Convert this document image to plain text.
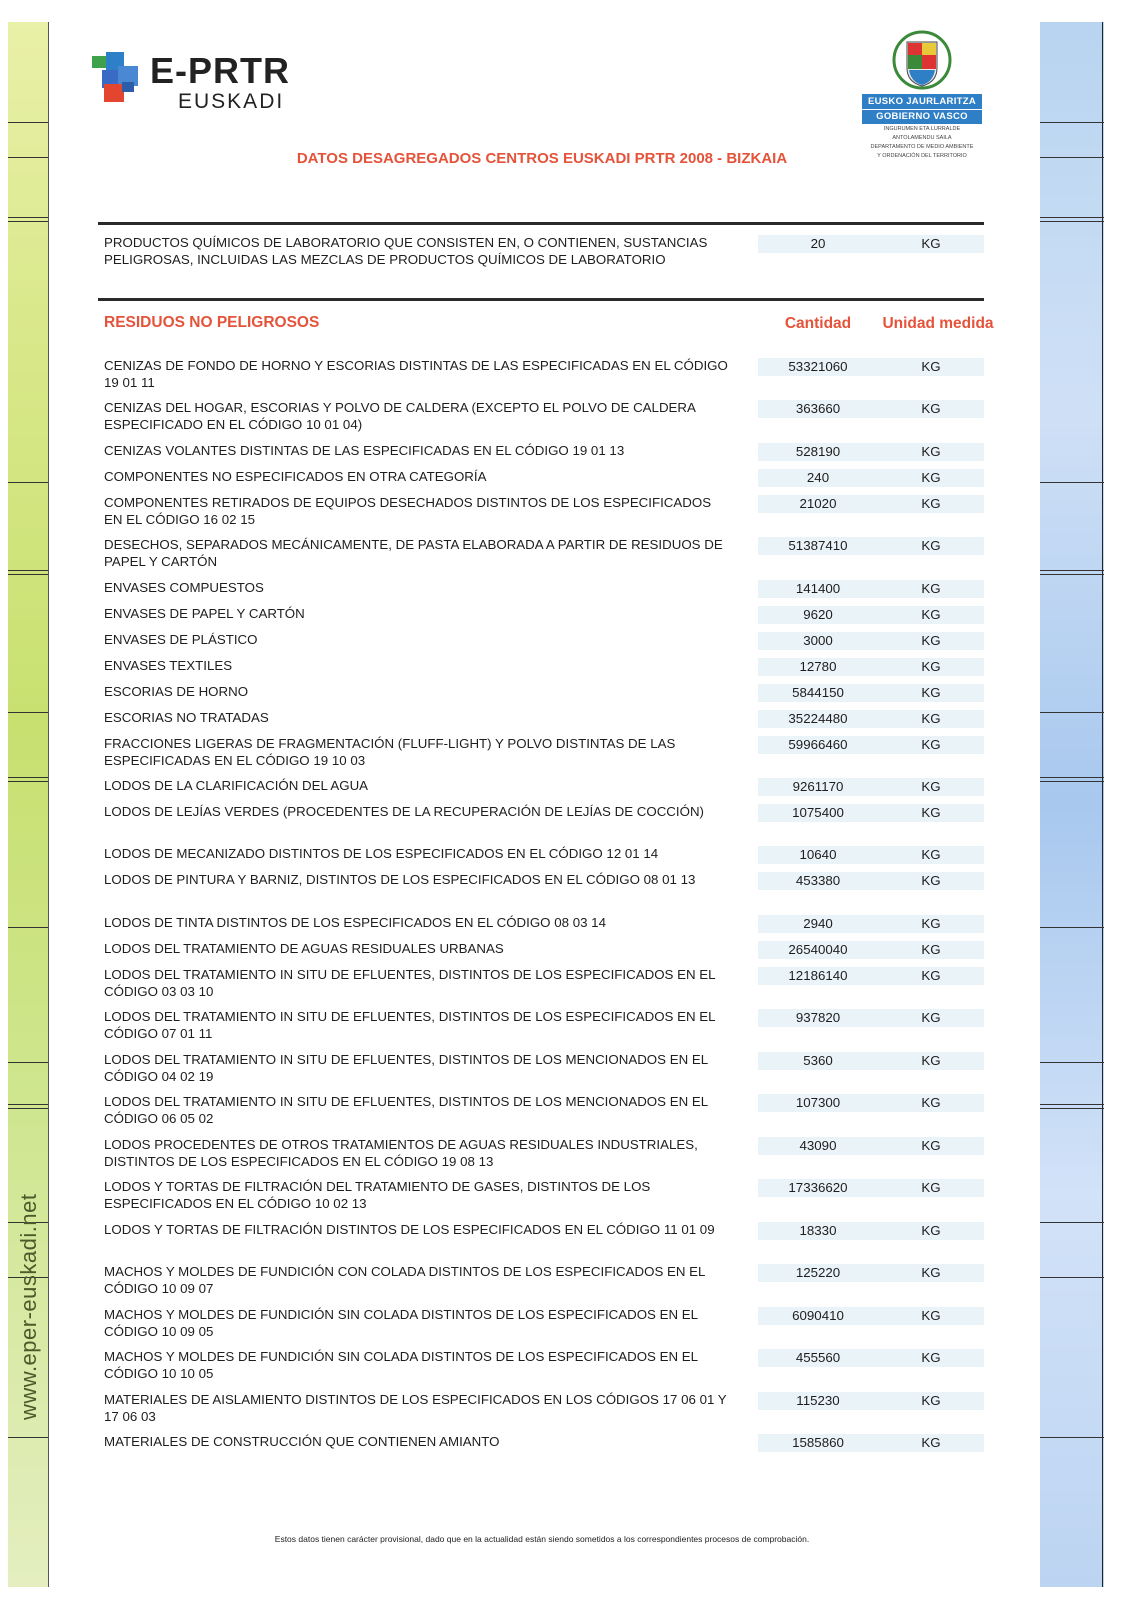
www.eper-euskadi.net
E-PRTR
EUSKADI	EUSKO JAURLARITZA
GOBIERNO VASCO
INGURUMEN ETA LURRALDE
ANTOLAMENDU SAILA
DEPARTAMENTO DE MEDIO AMBIENTE
Y ORDENACIÓN DEL TERRITORIO
DATOS DESAGREGADOS CENTROS EUSKADI PRTR 2008 - BIZKAIA
PRODUCTOS QUÍMICOS DE LABORATORIO QUE CONSISTEN EN, O CONTIENEN, SUSTANCIAS PELIGROSAS, INCLUIDAS LAS MEZCLAS DE PRODUCTOS QUÍMICOS DE LABORATORIO
20	KG
RESIDUOS NO PELIGROSOS	Cantidad	Unidad medida
CENIZAS DE FONDO DE HORNO Y ESCORIAS DISTINTAS DE LAS ESPECIFICADAS EN EL CÓDIGO 19 01 11
53321060	KG
CENIZAS DEL HOGAR, ESCORIAS Y POLVO DE CALDERA (EXCEPTO EL POLVO DE CALDERA ESPECIFICADO EN EL CÓDIGO 10 01 04)
363660	KG
CENIZAS VOLANTES DISTINTAS DE LAS ESPECIFICADAS EN EL CÓDIGO 19 01 13	528190	KG
COMPONENTES NO ESPECIFICADOS EN OTRA CATEGORÍA	240	KG
COMPONENTES RETIRADOS DE EQUIPOS DESECHADOS DISTINTOS DE LOS ESPECIFICADOS EN EL CÓDIGO 16 02 15
21020	KG
DESECHOS, SEPARADOS MECÁNICAMENTE, DE PASTA ELABORADA A PARTIR DE RESIDUOS DE PAPEL Y CARTÓN
51387410	KG
ENVASES COMPUESTOS	141400	KG
ENVASES DE PAPEL Y CARTÓN	9620	KG
ENVASES DE PLÁSTICO	3000	KG
ENVASES TEXTILES	12780	KG
ESCORIAS DE HORNO	5844150	KG
ESCORIAS NO TRATADAS	35224480	KG
FRACCIONES LIGERAS DE FRAGMENTACIÓN (FLUFF-LIGHT) Y POLVO DISTINTAS DE LAS ESPECIFICADAS EN EL CÓDIGO 19 10 03
59966460	KG
LODOS DE LA CLARIFICACIÓN DEL AGUA	9261170	KG
LODOS DE LEJÍAS VERDES (PROCEDENTES DE LA RECUPERACIÓN DE LEJÍAS DE COCCIÓN)	1075400	KG
LODOS DE MECANIZADO DISTINTOS DE LOS ESPECIFICADOS EN EL CÓDIGO 12 01 14	10640	KG
LODOS DE PINTURA Y BARNIZ, DISTINTOS DE LOS ESPECIFICADOS EN EL CÓDIGO 08 01 13	453380	KG
LODOS DE TINTA DISTINTOS DE LOS ESPECIFICADOS EN EL CÓDIGO 08 03 14	2940	KG
LODOS DEL TRATAMIENTO DE AGUAS RESIDUALES URBANAS	26540040	KG
LODOS DEL TRATAMIENTO IN SITU DE EFLUENTES, DISTINTOS DE LOS ESPECIFICADOS EN EL CÓDIGO 03 03 10
12186140	KG
LODOS DEL TRATAMIENTO IN SITU DE EFLUENTES, DISTINTOS DE LOS ESPECIFICADOS EN EL CÓDIGO 07 01 11
937820	KG
LODOS DEL TRATAMIENTO IN SITU DE EFLUENTES, DISTINTOS DE LOS MENCIONADOS EN EL CÓDIGO 04 02 19
5360	KG
LODOS DEL TRATAMIENTO IN SITU DE EFLUENTES, DISTINTOS DE LOS MENCIONADOS EN EL CÓDIGO 06 05 02
107300	KG
LODOS PROCEDENTES DE OTROS TRATAMIENTOS DE AGUAS RESIDUALES INDUSTRIALES, DISTINTOS DE LOS ESPECIFICADOS EN EL CÓDIGO 19 08 13
43090	KG
LODOS Y TORTAS DE FILTRACIÓN DEL TRATAMIENTO DE GASES, DISTINTOS DE LOS ESPECIFICADOS EN EL CÓDIGO 10 02 13
17336620	KG
LODOS Y TORTAS DE FILTRACIÓN DISTINTOS DE LOS ESPECIFICADOS EN EL CÓDIGO 11 01 09	18330	KG
MACHOS Y MOLDES DE FUNDICIÓN CON COLADA DISTINTOS DE LOS ESPECIFICADOS EN EL CÓDIGO 10 09 07
125220	KG
MACHOS Y MOLDES DE FUNDICIÓN SIN COLADA DISTINTOS DE LOS ESPECIFICADOS EN EL CÓDIGO 10 09 05
6090410	KG
MACHOS Y MOLDES DE FUNDICIÓN SIN COLADA DISTINTOS DE LOS ESPECIFICADOS EN EL CÓDIGO 10 10 05
455560	KG
MATERIALES DE AISLAMIENTO DISTINTOS DE LOS ESPECIFICADOS EN LOS CÓDIGOS 17 06 01 Y 17 06 03
115230	KG
MATERIALES DE CONSTRUCCIÓN QUE CONTIENEN AMIANTO	1585860	KG
Estos datos tienen carácter provisional, dado que en la actualidad están siendo sometidos a los correspondientes procesos de comprobación.
